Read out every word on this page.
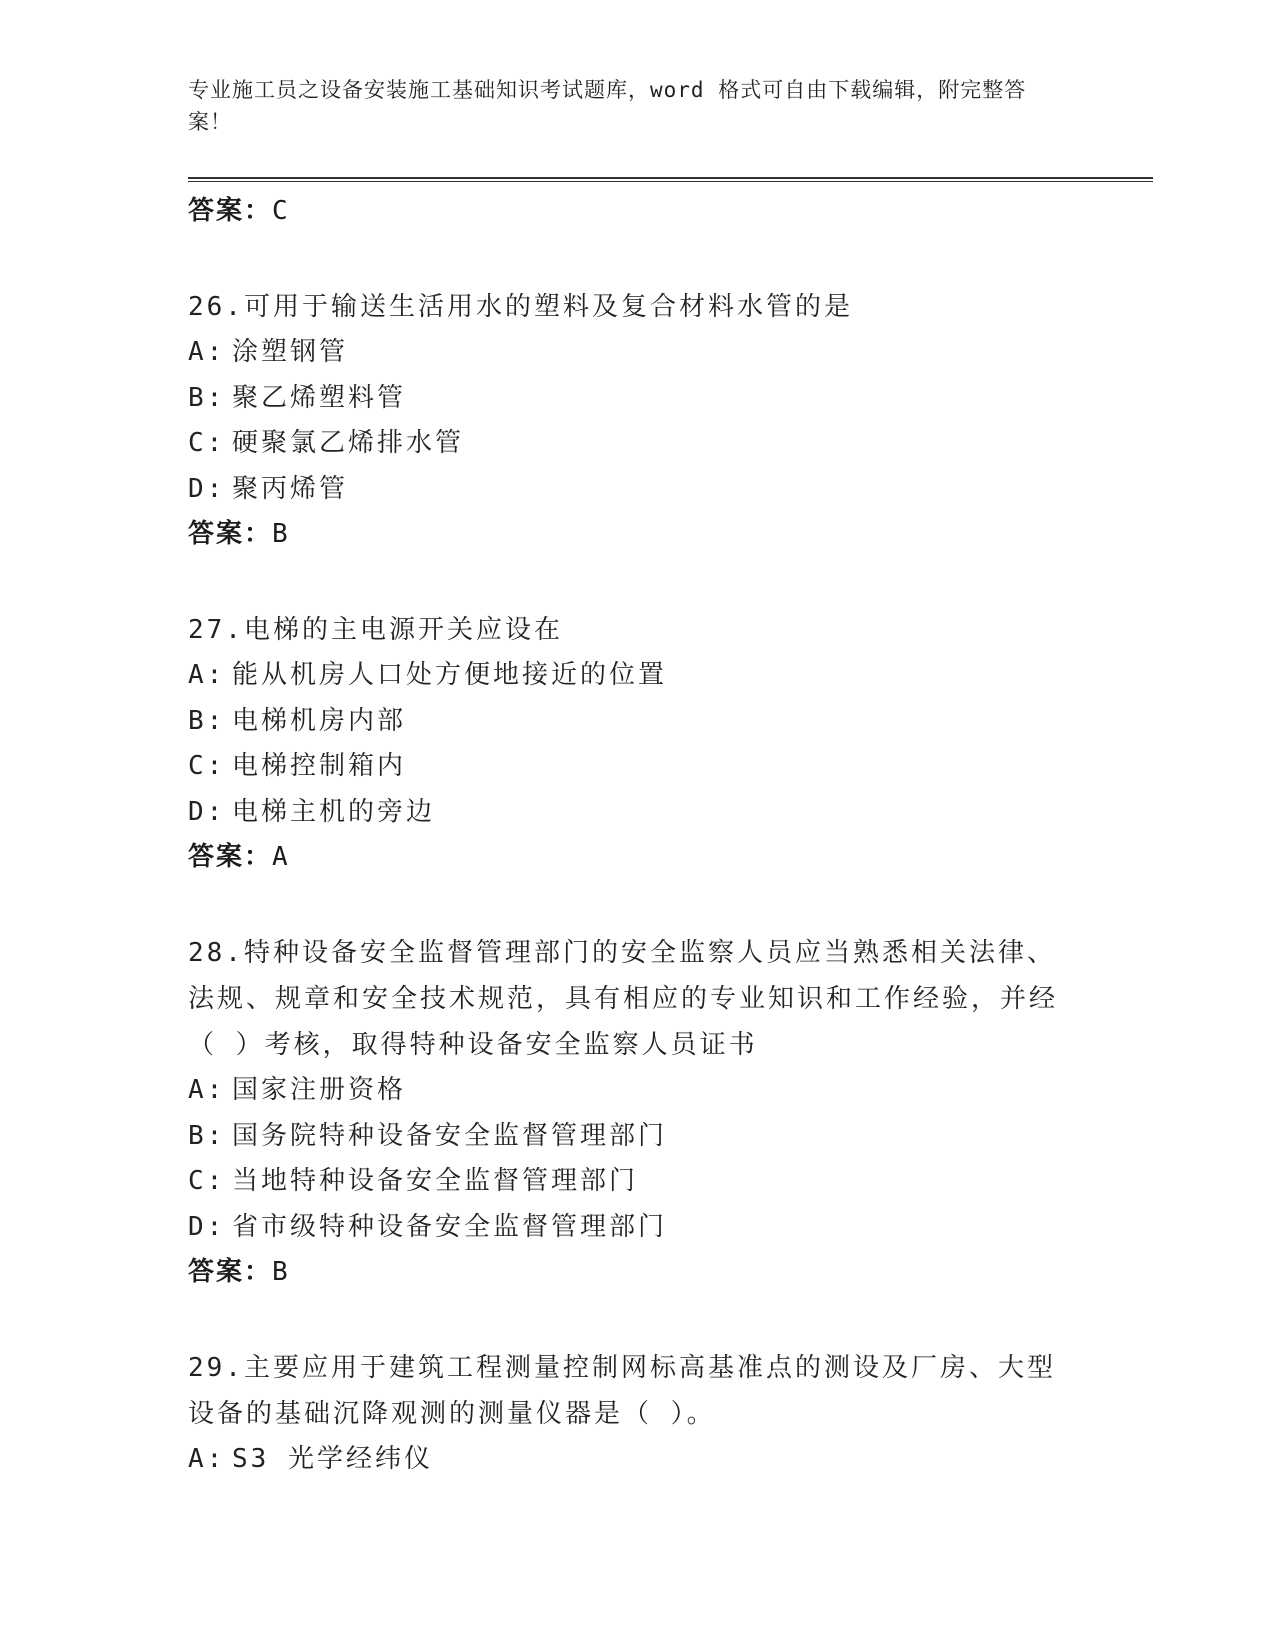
专业施工员之设备安装施工基础知识考试题库，word 格式可自由下载编辑，附完整答案！

答案：C

26.可用于输送生活用水的塑料及复合材料水管的是

A: 涂塑钢管

B: 聚乙烯塑料管

C: 硬聚氯乙烯排水管

D: 聚丙烯管

答案：B

27.电梯的主电源开关应设在

A: 能从机房人口处方便地接近的位置

B: 电梯机房内部

C: 电梯控制箱内

D: 电梯主机的旁边

答案：A

28.特种设备安全监督管理部门的安全监察人员应当熟悉相关法律、法规、规章和安全技术规范，具有相应的专业知识和工作经验，并经（ ）考核，取得特种设备安全监察人员证书

A: 国家注册资格

B: 国务院特种设备安全监督管理部门

C: 当地特种设备安全监督管理部门

D: 省市级特种设备安全监督管理部门

答案：B

29.主要应用于建筑工程测量控制网标高基准点的测设及厂房、大型设备的基础沉降观测的测量仪器是（ ）。

A: S3 光学经纬仪
